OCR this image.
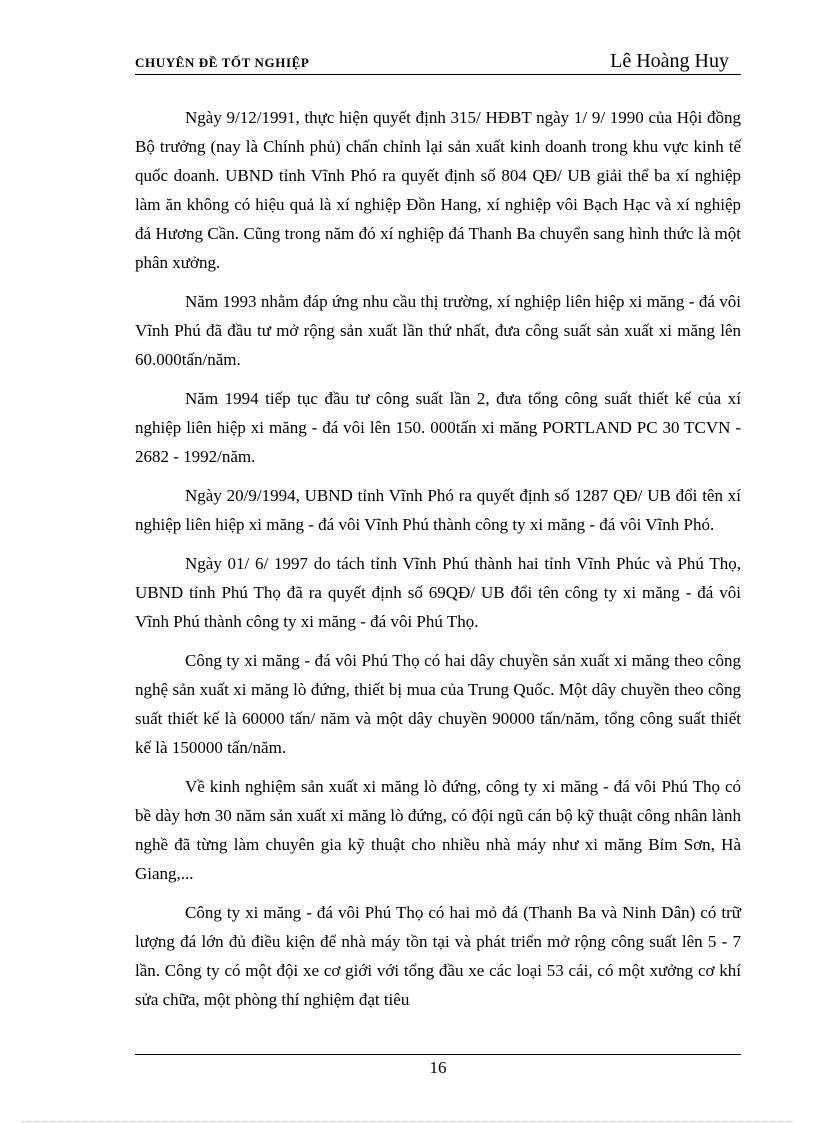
CHUYÊN ĐỀ TỐT NGHIỆP	Lê Hoàng Huy

Ngày 9/12/1991, thực hiện quyết định 315/ HĐBT ngày 1/ 9/ 1990 của Hội đồng Bộ trưởng (nay là Chính phủ) chấn chỉnh lại sản xuất kinh doanh trong khu vực kinh tế quốc doanh. UBND tỉnh Vĩnh Phó ra quyết định số 804 QĐ/ UB giải thể ba xí nghiệp làm ăn không có hiệu quả là xí nghiệp Đồn Hang, xí nghiệp vôi Bạch Hạc và xí nghiệp đá Hương Cần. Cũng trong năm đó xí nghiệp đá Thanh Ba chuyển sang hình thức là một phân xưởng.

Năm 1993 nhằm đáp ứng nhu cầu thị trường, xí nghiệp liên hiệp xi măng - đá vôi Vĩnh Phú đã đầu tư mở rộng sản xuất lần thứ nhất, đưa công suất sản xuất xi măng lên 60.000tấn/năm.

Năm 1994 tiếp tục đầu tư công suất lần 2, đưa tổng công suất thiết kế của xí nghiệp liên hiệp xi măng - đá vôi lên 150. 000tấn xi măng PORTLAND PC 30 TCVN - 2682 - 1992/năm.

Ngày 20/9/1994, UBND tỉnh Vĩnh Phó ra quyết định số 1287 QĐ/ UB đổi tên xí nghiệp liên hiệp xi măng - đá vôi Vĩnh Phú thành công ty xi măng - đá vôi Vĩnh Phó.

Ngày 01/ 6/ 1997 do tách tỉnh Vĩnh Phú thành hai tỉnh Vĩnh Phúc và Phú Thọ, UBND tỉnh Phú Thọ đã ra quyết định số 69QĐ/ UB đổi tên công ty xi măng - đá vôi Vĩnh Phú thành công ty xi măng - đá vôi Phú Thọ.

Công ty xi măng - đá vôi Phú Thọ có hai dây chuyền sản xuất xi măng theo công nghệ sản xuất xi măng lò đứng, thiết bị mua của Trung Quốc. Một dây chuyền theo công suất thiết kế là 60000 tấn/ năm và một dây chuyền 90000 tấn/năm, tổng công suất thiết kế là 150000 tấn/năm.

Về kinh nghiệm sản xuất xi măng lò đứng, công ty xi măng - đá vôi Phú Thọ có bề dày hơn 30 năm sản xuất xi măng lò đứng, có đội ngũ cán bộ kỹ thuật công nhân lành nghề đã từng làm chuyên gia kỹ thuật cho nhiều nhà máy như xi măng Bỉm Sơn, Hà Giang,...

Công ty xi măng - đá vôi Phú Thọ có hai mỏ đá (Thanh Ba và Ninh Dân) có trữ lượng đá lớn đủ điều kiện để nhà máy tồn tại và phát triển mở rộng công suất lên 5 - 7 lần. Công ty có một đội xe cơ giới với tổng đầu xe các loại 53 cái, có một xưởng cơ khí sửa chữa, một phòng thí nghiệm đạt tiêu

16
